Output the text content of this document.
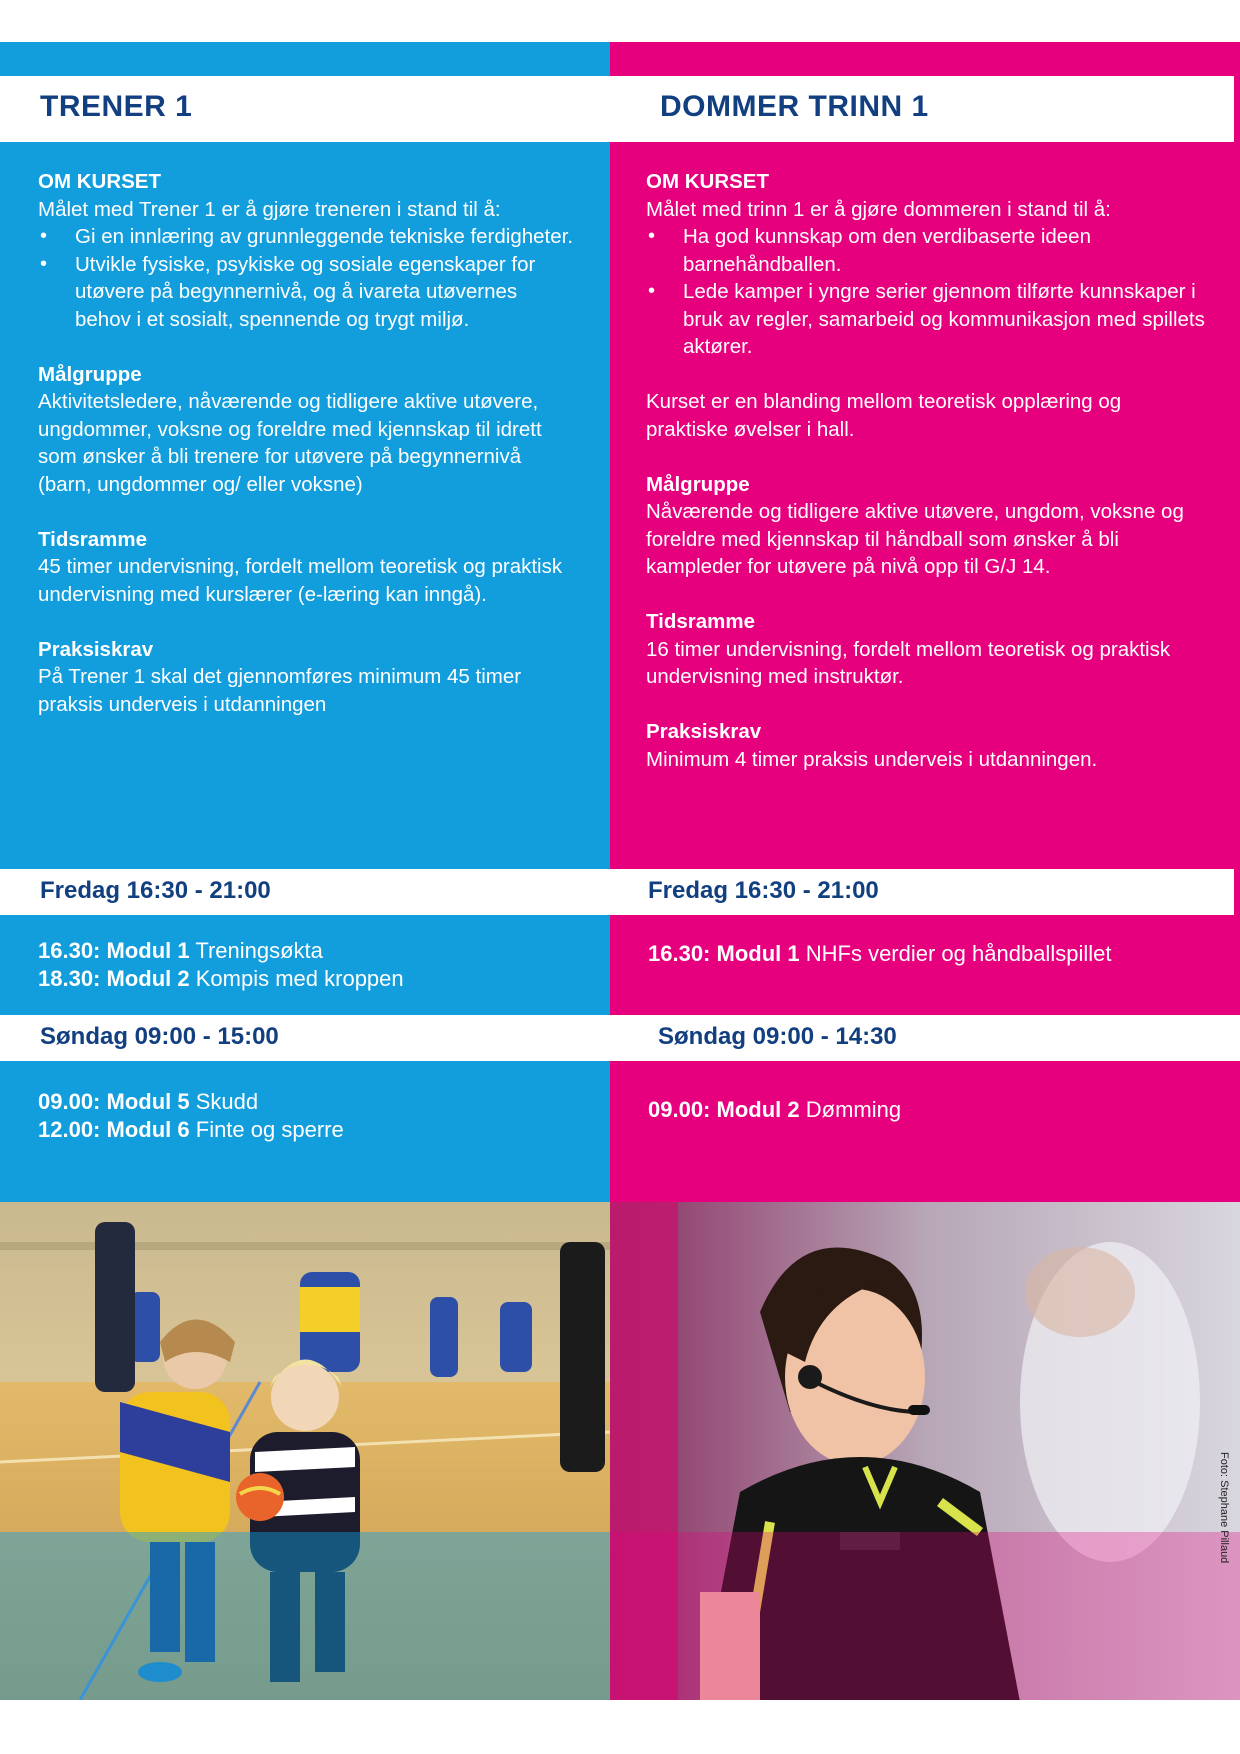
TRENER 1
OM KURSET
Målet med Trener 1 er å gjøre treneren i stand til å:
• Gi en innlæring av grunnleggende tekniske ferdigheter.
• Utvikle fysiske, psykiske og sosiale egenskaper for utøvere på begynnernivå, og å ivareta utøvernes behov i et sosialt, spennende og trygt miljø.
Målgruppe
Aktivitetsledere, nåværende og tidligere aktive utøvere, ungdommer, voksne og foreldre med kjennskap til idrett som ønsker å bli trenere for utøvere på begynnernivå (barn, ungdommer og/ eller voksne)
Tidsramme
45 timer undervisning, fordelt mellom teoretisk og praktisk undervisning med kurslærer (e-læring kan inngå).
Praksiskrav
På Trener 1 skal det gjennomføres minimum 45 timer praksis underveis i utdanningen
Fredag 16:30 - 21:00
16.30: Modul 1 Treningsøkta
18.30: Modul 2 Kompis med kroppen
Søndag 09:00 - 15:00
09.00: Modul 5 Skudd
12.00: Modul 6 Finte og sperre
DOMMER TRINN 1
OM KURSET
Målet med trinn 1 er å gjøre dommeren i stand til å:
• Ha god kunnskap om den verdibaserte ideen barnehåndballen.
• Lede kamper i yngre serier gjennom tilførte kunnskaper i bruk av regler, samarbeid og kommunikasjon med spillets aktører.
Kurset er en blanding mellom teoretisk opplæring og praktiske øvelser i hall.
Målgruppe
Nåværende og tidligere aktive utøvere, ungdom, voksne og foreldre med kjennskap til håndball som ønsker å bli kampleder for utøvere på nivå opp til G/J 14.
Tidsramme
16 timer undervisning, fordelt mellom teoretisk og praktisk undervisning med instruktør.
Praksiskrav
Minimum 4 timer praksis underveis i utdanningen.
Fredag 16:30 - 21:00
16.30: Modul 1 NHFs verdier og håndballspillet
Søndag 09:00 - 14:30
09.00: Modul 2 Dømming
Foto: Stephane Pillaud
